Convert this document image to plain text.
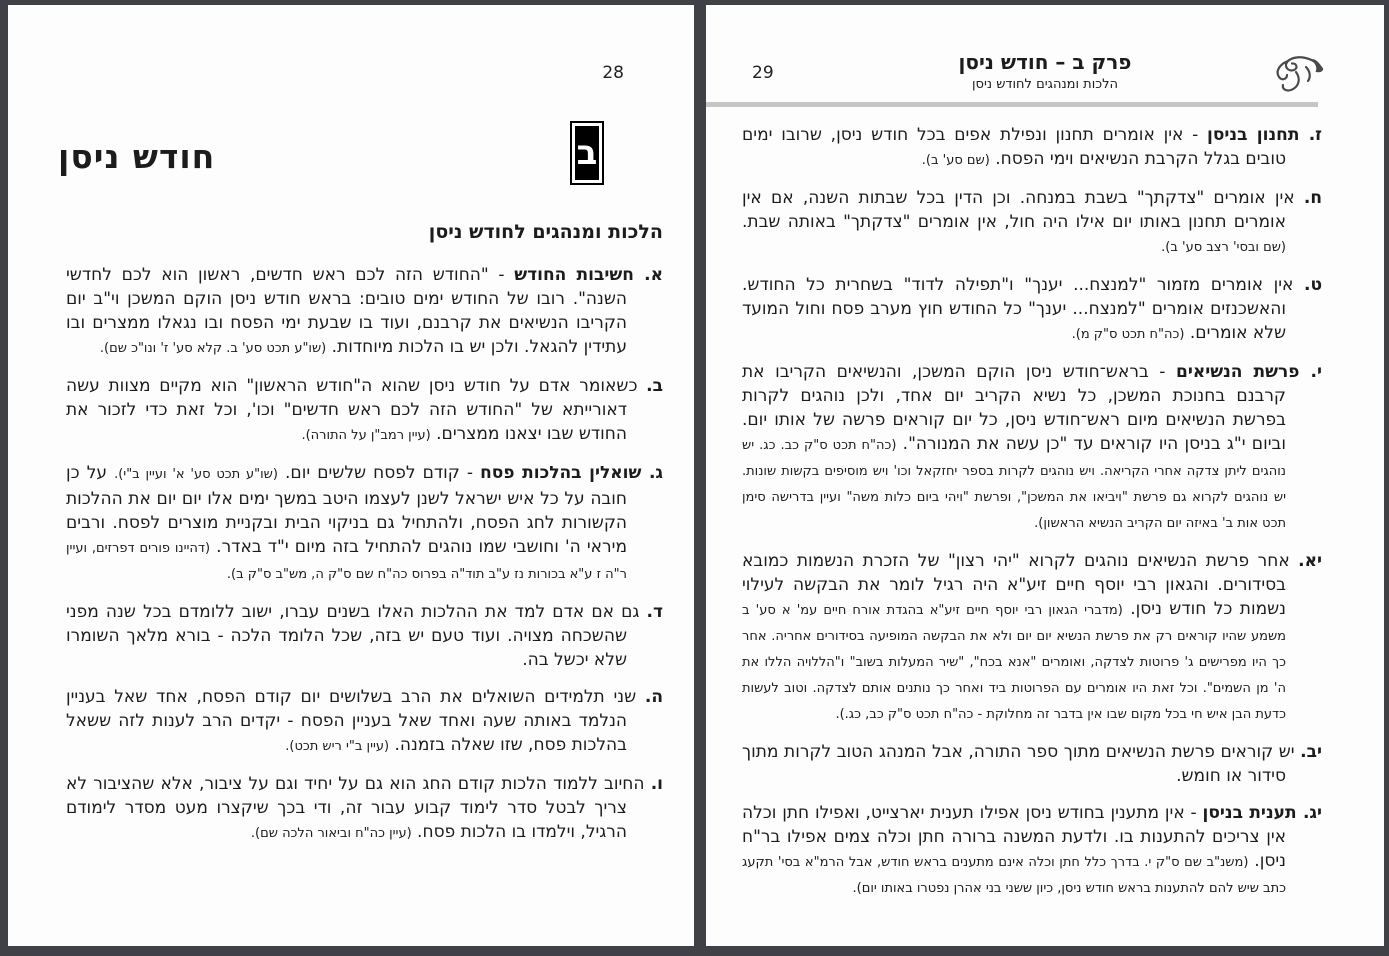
28
ב
חודש ניסן
הלכות ומנהגים לחודש ניסן

א. חשיבות החודש - "החודש הזה לכם ראש חדשים, ראשון הוא לכם לחדשי השנה". רובו של החודש ימים טובים: בראש חודש ניסן הוקם המשכן וי"ב יום הקריבו הנשיאים את קרבנם, ועוד בו שבעת ימי הפסח ובו נגאלו ממצרים ובו עתידין להגאל. ולכן יש בו הלכות מיוחדות. (שו"ע תכט סע' ב. קלא סע' ז' ונו"כ שם).

ב. כשאומר אדם על חודש ניסן שהוא ה"חודש הראשון" הוא מקיים מצוות עשה דאורייתא של "החודש הזה לכם ראש חדשים" וכו', וכל זאת כדי לזכור את החודש שבו יצאנו ממצרים. (עיין רמב"ן על התורה).

ג. שואלין בהלכות פסח - קודם לפסח שלשים יום. (שו"ע תכט סע' א' ועיין ב"י). על כן חובה על כל איש ישראל לשנן לעצמו היטב במשך ימים אלו יום יום את ההלכות הקשורות לחג הפסח, ולהתחיל גם בניקוי הבית ובקניית מוצרים לפסח. ורבים מיראי ה' וחושבי שמו נוהגים להתחיל בזה מיום י"ד באדר. (דהיינו פורים דפרזים, ועיין ר"ה ז ע"א בכורות נז ע"ב תוד"ה בפרוס כה"ח שם ס"ק ה, מש"ב ס"ק ב).

ד. גם אם אדם למד את ההלכות האלו בשנים עברו, ישוב ללומדם בכל שנה מפני שהשכחה מצויה. ועוד טעם יש בזה, שכל הלומד הלכה - בורא מלאך השומרו שלא יכשל בה.

ה. שני תלמידים השואלים את הרב בשלושים יום קודם הפסח, אחד שאל בעניין הנלמד באותה שעה ואחד שאל בעניין הפסח - יקדים הרב לענות לזה ששאל בהלכות פסח, שזו שאלה בזמנה. (עיין ב"י ריש תכט).

ו. החיוב ללמוד הלכות קודם החג הוא גם על יחיד וגם על ציבור, אלא שהציבור לא צריך לבטל סדר לימוד קבוע עבור זה, ודי בכך שיקצרו מעט מסדר לימודם הרגיל, וילמדו בו הלכות פסח. (עיין כה"ח וביאור הלכה שם).

29	פרק ב – חודש ניסן
הלכות ומנהגים לחודש ניסן

ז. תחנון בניסן - אין אומרים תחנון ונפילת אפים בכל חודש ניסן, שרובו ימים טובים בגלל הקרבת הנשיאים וימי הפסח. (שם סע' ב).

ח. אין אומרים "צדקתך" בשבת במנחה. וכן הדין בכל שבתות השנה, אם אין אומרים תחנון באותו יום אילו היה חול, אין אומרים "צדקתך" באותה שבת. (שם ובסי' רצב סע' ב).

ט. אין אומרים מזמור "למנצח... יענך" ו"תפילה לדוד" בשחרית כל החודש. והאשכנזים אומרים "למנצח... יענך" כל החודש חוץ מערב פסח וחול המועד שלא אומרים. (כה"ח תכט ס"ק מ).

י. פרשת הנשיאים - בראש־חודש ניסן הוקם המשכן, והנשיאים הקריבו את קרבנם בחנוכת המשכן, כל נשיא הקריב יום אחד, ולכן נוהגים לקרות בפרשת הנשיאים מיום ראש־חודש ניסן, כל יום קוראים פרשה של אותו יום. וביום י"ג בניסן היו קוראים עד "כן עשה את המנורה". (כה"ח תכט ס"ק כב. כג. יש נוהגים ליתן צדקה אחרי הקריאה. ויש נוהגים לקרות בספר יחזקאל וכו' ויש מוסיפים בקשות שונות. יש נוהגים לקרוא גם פרשת "ויביאו את המשכן", ופרשת "ויהי ביום כלות משה" ועיין בדרישה סימן תכט אות ב' באיזה יום הקריב הנשיא הראשון).

יא. אחר פרשת הנשיאים נוהגים לקרוא "יהי רצון" של הזכרת הנשמות כמובא בסידורים. והגאון רבי יוסף חיים זיע"א היה רגיל לומר את הבקשה לעילוי נשמות כל חודש ניסן. (מדברי הגאון רבי יוסף חיים זיע"א בהגדת אורח חיים עמ' א סע' ב משמע שהיו קוראים רק את פרשת הנשיא יום יום ולא את הבקשה המופיעה בסידורים אחריה. אחר כך היו מפרישים ג' פרוטות לצדקה, ואומרים "אנא בכח", "שיר המעלות בשוב" ו"הללויה הללו את ה' מן השמים". וכל זאת היו אומרים עם הפרוטות ביד ואחר כך נותנים אותם לצדקה. וטוב לעשות כדעת הבן איש חי בכל מקום שבו אין בדבר זה מחלוקת - כה"ח תכט ס"ק כב, כג.).

יב. יש קוראים פרשת הנשיאים מתוך ספר התורה, אבל המנהג הטוב לקרות מתוך סידור או חומש.

יג. תענית בניסן - אין מתענין בחודש ניסן אפילו תענית יארצייט, ואפילו חתן וכלה אין צריכים להתענות בו. ולדעת המשנה ברורה חתן וכלה צמים אפילו בר"ח ניסן. (משנ"ב שם ס"ק י. בדרך כלל חתן וכלה אינם מתענים בראש חודש, אבל הרמ"א בסי' תקעג כתב שיש להם להתענות בראש חודש ניסן, כיון ששני בני אהרן נפטרו באותו יום).
